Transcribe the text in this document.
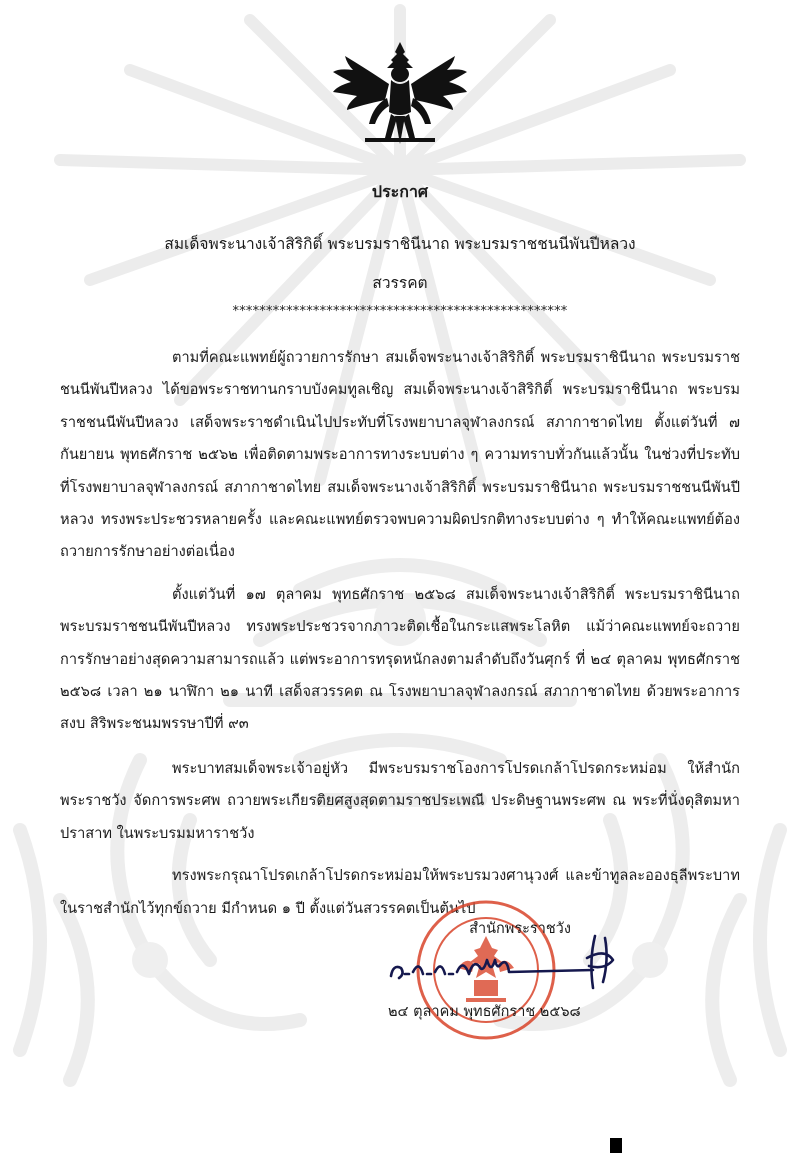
ประกาศ
สมเด็จพระนางเจ้าสิริกิติ์ พระบรมราชินีนาถ พระบรมราชชนนีพันปีหลวง
สวรรคต
**************************************************

ตามที่คณะแพทย์ผู้ถวายการรักษา สมเด็จพระนางเจ้าสิริกิติ์ พระบรมราชินีนาถ พระบรมราชชนนีพันปีหลวง ได้ขอพระราชทานกราบบังคมทูลเชิญ สมเด็จพระนางเจ้าสิริกิติ์ พระบรมราชินีนาถ พระบรมราชชนนีพันปีหลวง เสด็จพระราชดำเนินไปประทับที่โรงพยาบาลจุฬาลงกรณ์ สภากาชาดไทย ตั้งแต่วันที่ ๗ กันยายน พุทธศักราช ๒๕๖๒ เพื่อติดตามพระอาการทางระบบต่าง ๆ ความทราบทั่วกันแล้วนั้น ในช่วงที่ประทับที่โรงพยาบาลจุฬาลงกรณ์ สภากาชาดไทย สมเด็จพระนางเจ้าสิริกิติ์ พระบรมราชินีนาถ พระบรมราชชนนีพันปีหลวง ทรงพระประชวรหลายครั้ง และคณะแพทย์ตรวจพบความผิดปรกติทางระบบต่าง ๆ ทำให้คณะแพทย์ต้องถวายการรักษาอย่างต่อเนื่อง

ตั้งแต่วันที่ ๑๗ ตุลาคม พุทธศักราช ๒๕๖๘ สมเด็จพระนางเจ้าสิริกิติ์ พระบรมราชินีนาถ พระบรมราชชนนีพันปีหลวง ทรงพระประชวรจากภาวะติดเชื้อในกระแสพระโลหิต แม้ว่าคณะแพทย์จะถวายการรักษาอย่างสุดความสามารถแล้ว แต่พระอาการทรุดหนักลงตามลำดับถึงวันศุกร์ ที่ ๒๔ ตุลาคม พุทธศักราช ๒๕๖๘ เวลา ๒๑ นาฬิกา ๒๑ นาที เสด็จสวรรคต ณ โรงพยาบาลจุฬาลงกรณ์ สภากาชาดไทย ด้วยพระอาการสงบ สิริพระชนมพรรษาปีที่ ๙๓

พระบาทสมเด็จพระเจ้าอยู่หัว มีพระบรมราชโองการโปรดเกล้าโปรดกระหม่อม ให้สำนักพระราชวัง จัดการพระศพ ถวายพระเกียรติยศสูงสุดตามราชประเพณี ประดิษฐานพระศพ ณ พระที่นั่งดุสิตมหาปราสาท ในพระบรมมหาราชวัง

ทรงพระกรุณาโปรดเกล้าโปรดกระหม่อมให้พระบรมวงศานุวงศ์ และข้าทูลละอองธุลีพระบาท ในราชสำนักไว้ทุกข์ถวาย มีกำหนด ๑ ปี ตั้งแต่วันสวรรคตเป็นต้นไป

สำนักพระราชวัง
๒๔ ตุลาคม พุทธศักราช ๒๕๖๘
